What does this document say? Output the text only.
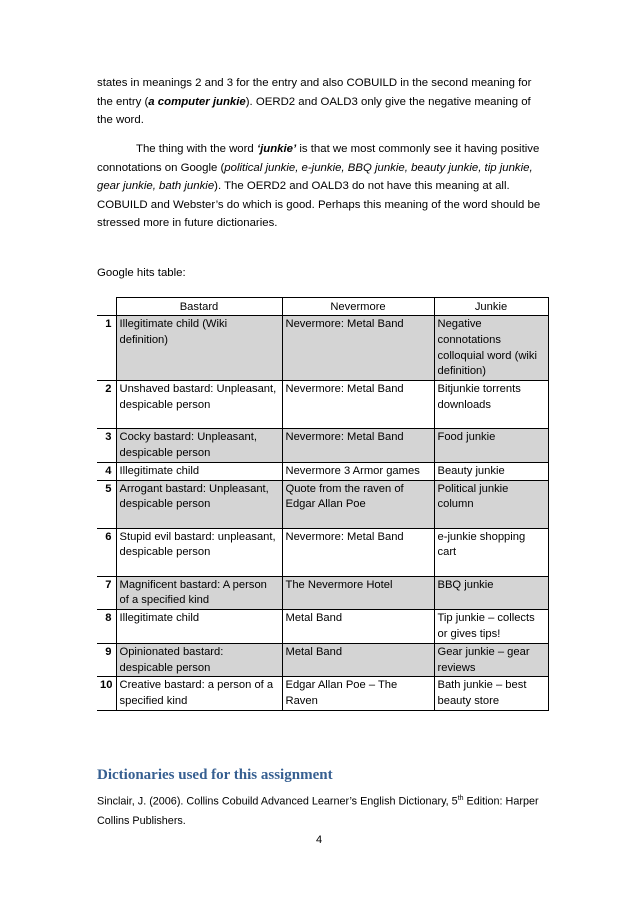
states in meanings 2 and 3 for the entry and also COBUILD in the second meaning for the entry (a computer junkie). OERD2 and OALD3 only give the negative meaning of the word.

The thing with the word ‘junkie’ is that we most commonly see it having positive connotations on Google (political junkie, e-junkie, BBQ junkie, beauty junkie, tip junkie, gear junkie, bath junkie). The OERD2 and OALD3 do not have this meaning at all. COBUILD and Webster’s do which is good. Perhaps this meaning of the word should be stressed more in future dictionaries.

Google hits table:

	Bastard	Nevermore	Junkie
1	Illegitimate child (Wiki definition)	Nevermore: Metal Band	Negative connotations colloquial word (wiki definition)
2	Unshaved bastard: Unpleasant, despicable person	Nevermore: Metal Band	Bitjunkie torrents downloads
3	Cocky bastard: Unpleasant, despicable person	Nevermore: Metal Band	Food junkie
4	Illegitimate child	Nevermore 3 Armor games	Beauty junkie
5	Arrogant bastard: Unpleasant, despicable person	Quote from the raven of Edgar Allan Poe	Political junkie column
6	Stupid evil bastard: unpleasant, despicable person	Nevermore: Metal Band	e-junkie shopping cart
7	Magnificent bastard: A person of a specified kind	The Nevermore Hotel	BBQ junkie
8	Illegitimate child	Metal Band	Tip junkie – collects or gives tips!
9	Opinionated bastard: despicable person	Metal Band	Gear junkie – gear reviews
10	Creative bastard: a person of a specified kind	Edgar Allan Poe – The Raven	Bath junkie – best beauty store
Dictionaries used for this assignment

Sinclair, J. (2006). Collins Cobuild Advanced Learner’s English Dictionary, 5th Edition: Harper Collins Publishers.

4
